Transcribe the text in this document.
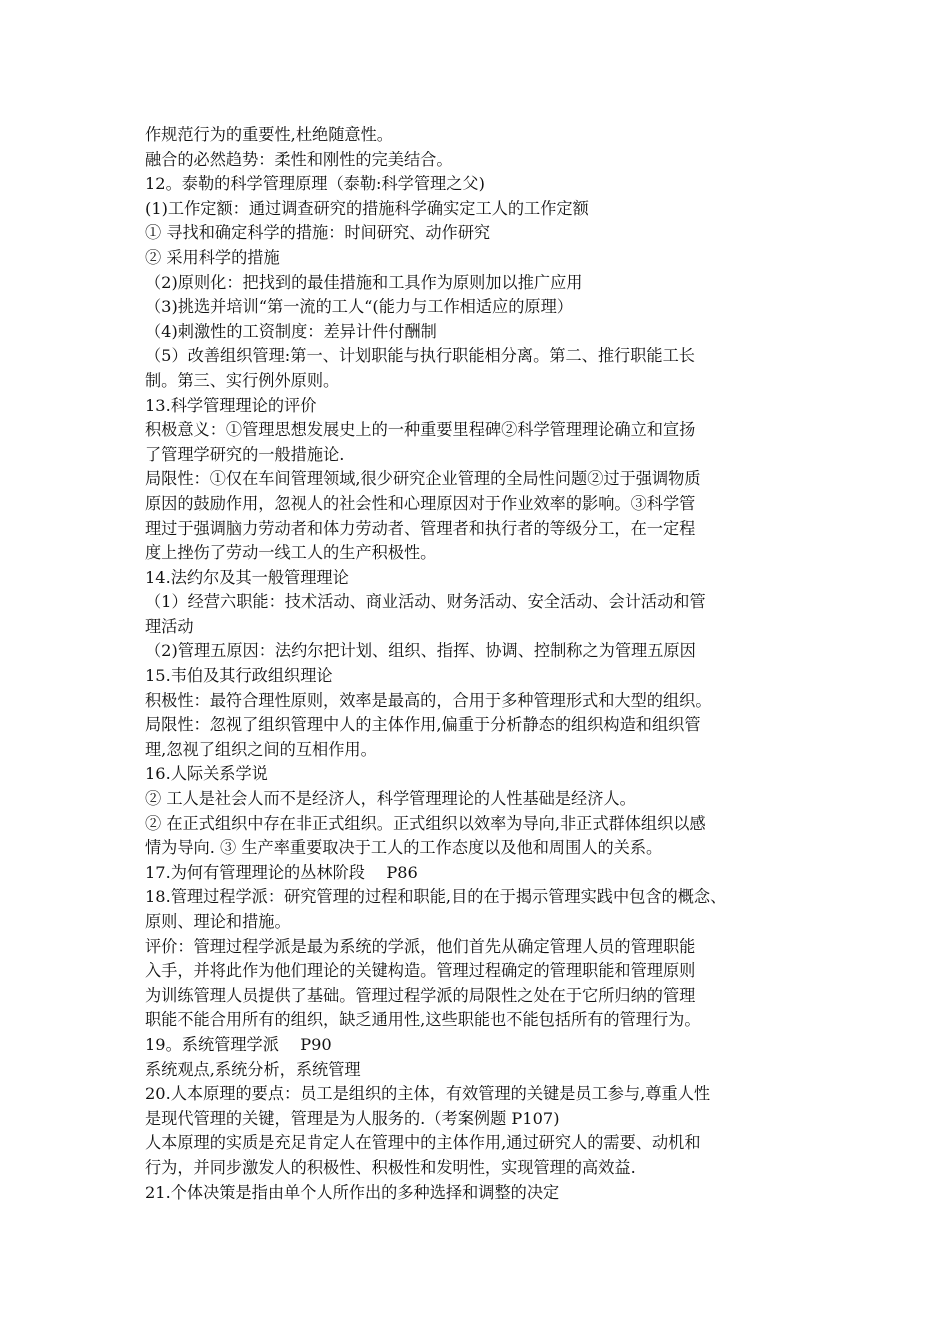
作规范行为的重要性,杜绝随意性。
融合的必然趋势：柔性和刚性的完美结合。
12。泰勒的科学管理原理（泰勒:科学管理之父)
(1)工作定额：通过调查研究的措施科学确实定工人的工作定额
① 寻找和确定科学的措施：时间研究、动作研究
② 采用科学的措施
（2)原则化：把找到的最佳措施和工具作为原则加以推广应用
（3)挑选并培训“第一流的工人“(能力与工作相适应的原理）
（4)刺激性的工资制度：差异计件付酬制
（5）改善组织管理:第一、计划职能与执行职能相分离。第二、推行职能工长
制。第三、实行例外原则。
13.科学管理理论的评价
积极意义：①管理思想发展史上的一种重要里程碑②科学管理理论确立和宣扬
了管理学研究的一般措施论.
局限性：①仅在车间管理领域,很少研究企业管理的全局性问题②过于强调物质
原因的鼓励作用，忽视人的社会性和心理原因对于作业效率的影响。③科学管
理过于强调脑力劳动者和体力劳动者、管理者和执行者的等级分工，在一定程
度上挫伤了劳动一线工人的生产积极性。
14.法约尔及其一般管理理论
（1）经营六职能：技术活动、商业活动、财务活动、安全活动、会计活动和管
理活动
（2)管理五原因：法约尔把计划、组织、指挥、协调、控制称之为管理五原因
15.韦伯及其行政组织理论
积极性：最符合理性原则，效率是最高的，合用于多种管理形式和大型的组织。
局限性：忽视了组织管理中人的主体作用,偏重于分析静态的组织构造和组织管
理,忽视了组织之间的互相作用。
16.人际关系学说
② 工人是社会人而不是经济人，科学管理理论的人性基础是经济人。
② 在正式组织中存在非正式组织。正式组织以效率为导向,非正式群体组织以感
情为导向. ③ 生产率重要取决于工人的工作态度以及他和周围人的关系。
17.为何有管理理论的丛林阶段　 P86
18.管理过程学派：研究管理的过程和职能,目的在于揭示管理实践中包含的概念、
原则、理论和措施。
评价：管理过程学派是最为系统的学派，他们首先从确定管理人员的管理职能
入手，并将此作为他们理论的关键构造。管理过程确定的管理职能和管理原则
为训练管理人员提供了基础。管理过程学派的局限性之处在于它所归纳的管理
职能不能合用所有的组织，缺乏通用性,这些职能也不能包括所有的管理行为。
19。系统管理学派　 P90
系统观点,系统分析，系统管理
20.人本原理的要点：员工是组织的主体，有效管理的关键是员工参与,尊重人性
是现代管理的关键，管理是为人服务的.（考案例题 P107)
人本原理的实质是充足肯定人在管理中的主体作用,通过研究人的需要、动机和
行为，并同步激发人的积极性、积极性和发明性，实现管理的高效益.
21.个体决策是指由单个人所作出的多种选择和调整的决定
